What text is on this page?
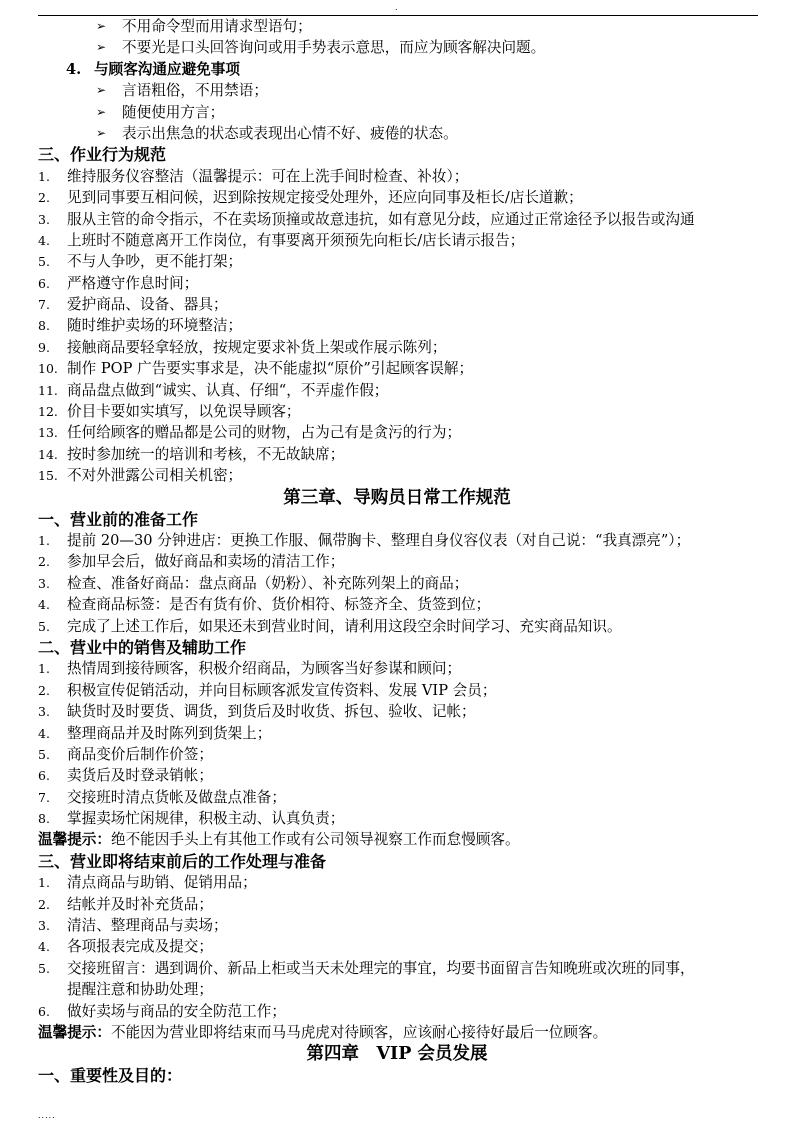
.
➢ 不用命令型而用请求型语句；
➢ 不要光是口头回答询问或用手势表示意思，而应为顾客解决问题。
4. 与顾客沟通应避免事项
➢ 言语粗俗，不用禁语；
➢ 随便使用方言；
➢ 表示出焦急的状态或表现出心情不好、疲倦的状态。
三、作业行为规范
1. 维持服务仪容整洁（温馨提示：可在上洗手间时检查、补妆）；
2. 见到同事要互相问候，迟到除按规定接受处理外，还应向同事及柜长/店长道歉；
3. 服从主管的命令指示，不在卖场顶撞或故意违抗，如有意见分歧，应通过正常途径予以报告或沟通
4. 上班时不随意离开工作岗位，有事要离开须预先向柜长/店长请示报告；
5. 不与人争吵，更不能打架；
6. 严格遵守作息时间；
7. 爱护商品、设备、器具；
8. 随时维护卖场的环境整洁；
9. 接触商品要轻拿轻放，按规定要求补货上架或作展示陈列；
10. 制作 POP 广告要实事求是，决不能虚拟“原价”引起顾客误解；
11. 商品盘点做到“诚实、认真、仔细“，不弄虚作假；
12. 价目卡要如实填写，以免误导顾客；
13. 任何给顾客的赠品都是公司的财物，占为己有是贪污的行为；
14. 按时参加统一的培训和考核，不无故缺席；
15. 不对外泄露公司相关机密；
第三章、导购员日常工作规范
一、营业前的准备工作
1. 提前 20—30 分钟进店：更换工作服、佩带胸卡、整理自身仪容仪表（对自己说：“我真漂亮”）；
2. 参加早会后，做好商品和卖场的清洁工作；
3. 检查、准备好商品：盘点商品（奶粉）、补充陈列架上的商品；
4. 检查商品标签：是否有货有价、货价相符、标签齐全、货签到位；
5. 完成了上述工作后，如果还未到营业时间，请利用这段空余时间学习、充实商品知识。
二、营业中的销售及辅助工作
1. 热情周到接待顾客，积极介绍商品，为顾客当好参谋和顾问；
2. 积极宣传促销活动，并向目标顾客派发宣传资料、发展 VIP 会员；
3. 缺货时及时要货、调货，到货后及时收货、拆包、验收、记帐；
4. 整理商品并及时陈列到货架上；
5. 商品变价后制作价签；
6. 卖货后及时登录销帐；
7. 交接班时清点货帐及做盘点准备；
8. 掌握卖场忙闲规律，积极主动、认真负责；
温馨提示：绝不能因手头上有其他工作或有公司领导视察工作而怠慢顾客。
三、营业即将结束前后的工作处理与准备
1. 清点商品与助销、促销用品；
2. 结帐并及时补充货品；
3. 清洁、整理商品与卖场；
4. 各项报表完成及提交；
5. 交接班留言：遇到调价、新品上柜或当天未处理完的事宜，均要书面留言告知晚班或次班的同事，
提醒注意和协助处理；
6. 做好卖场与商品的安全防范工作；
温馨提示：不能因为营业即将结束而马马虎虎对待顾客，应该耐心接待好最后一位顾客。
第四章　VIP 会员发展
一、重要性及目的：
.....
